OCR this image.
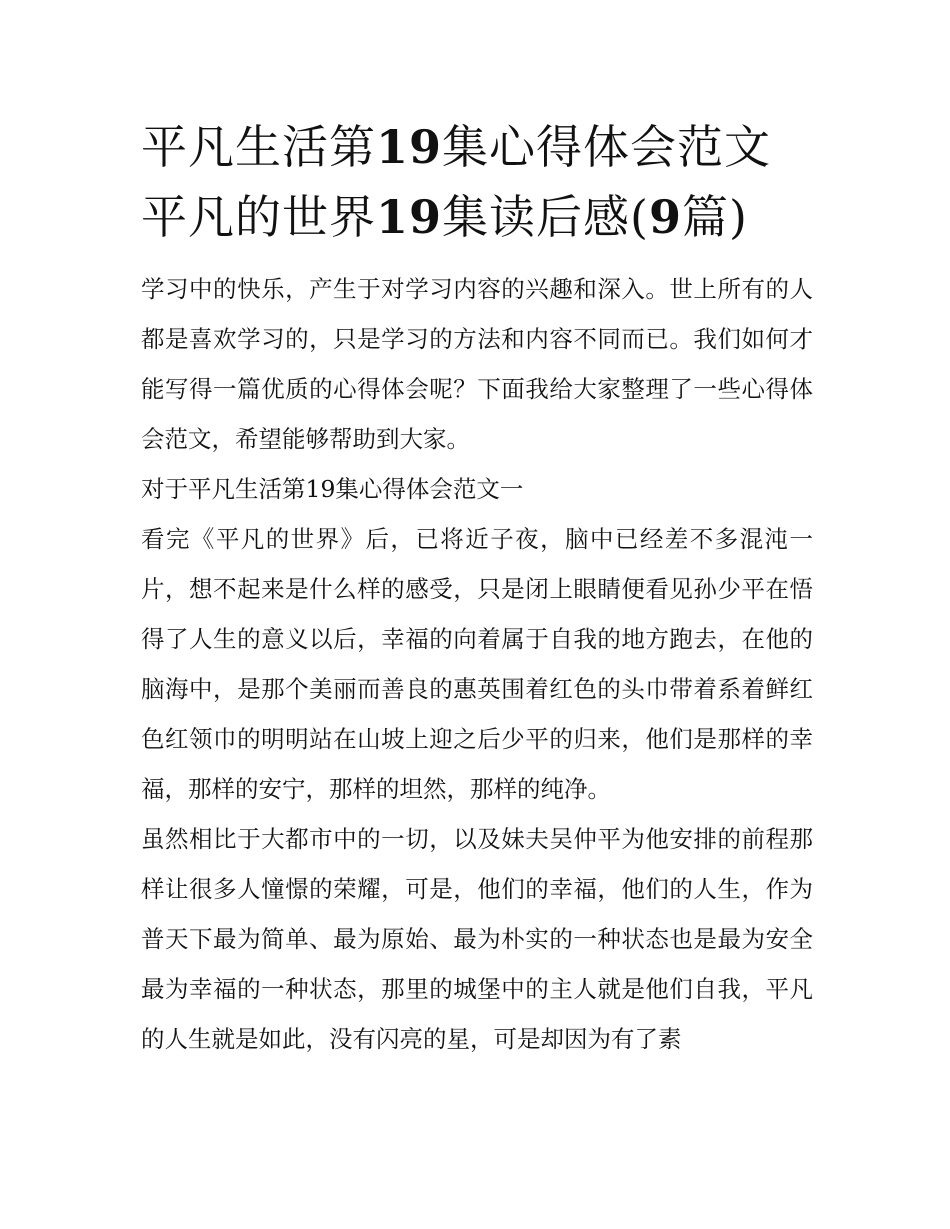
平凡生活第19集心得体会范文
平凡的世界19集读后感(9篇)

学习中的快乐，产生于对学习内容的兴趣和深入。世上所有的人都是喜欢学习的，只是学习的方法和内容不同而已。我们如何才能写得一篇优质的心得体会呢？下面我给大家整理了一些心得体会范文，希望能够帮助到大家。

对于平凡生活第19集心得体会范文一

看完《平凡的世界》后，已将近子夜，脑中已经差不多混沌一片，想不起来是什么样的感受，只是闭上眼睛便看见孙少平在悟得了人生的意义以后，幸福的向着属于自我的地方跑去，在他的脑海中，是那个美丽而善良的惠英围着红色的头巾带着系着鲜红色红领巾的明明站在山坡上迎之后少平的归来，他们是那样的幸福，那样的安宁，那样的坦然，那样的纯净。

虽然相比于大都市中的一切，以及妹夫吴仲平为他安排的前程那样让很多人憧憬的荣耀，可是，他们的幸福，他们的人生，作为普天下最为简单、最为原始、最为朴实的一种状态也是最为安全最为幸福的一种状态，那里的城堡中的主人就是他们自我，平凡的人生就是如此，没有闪亮的星，可是却因为有了素
